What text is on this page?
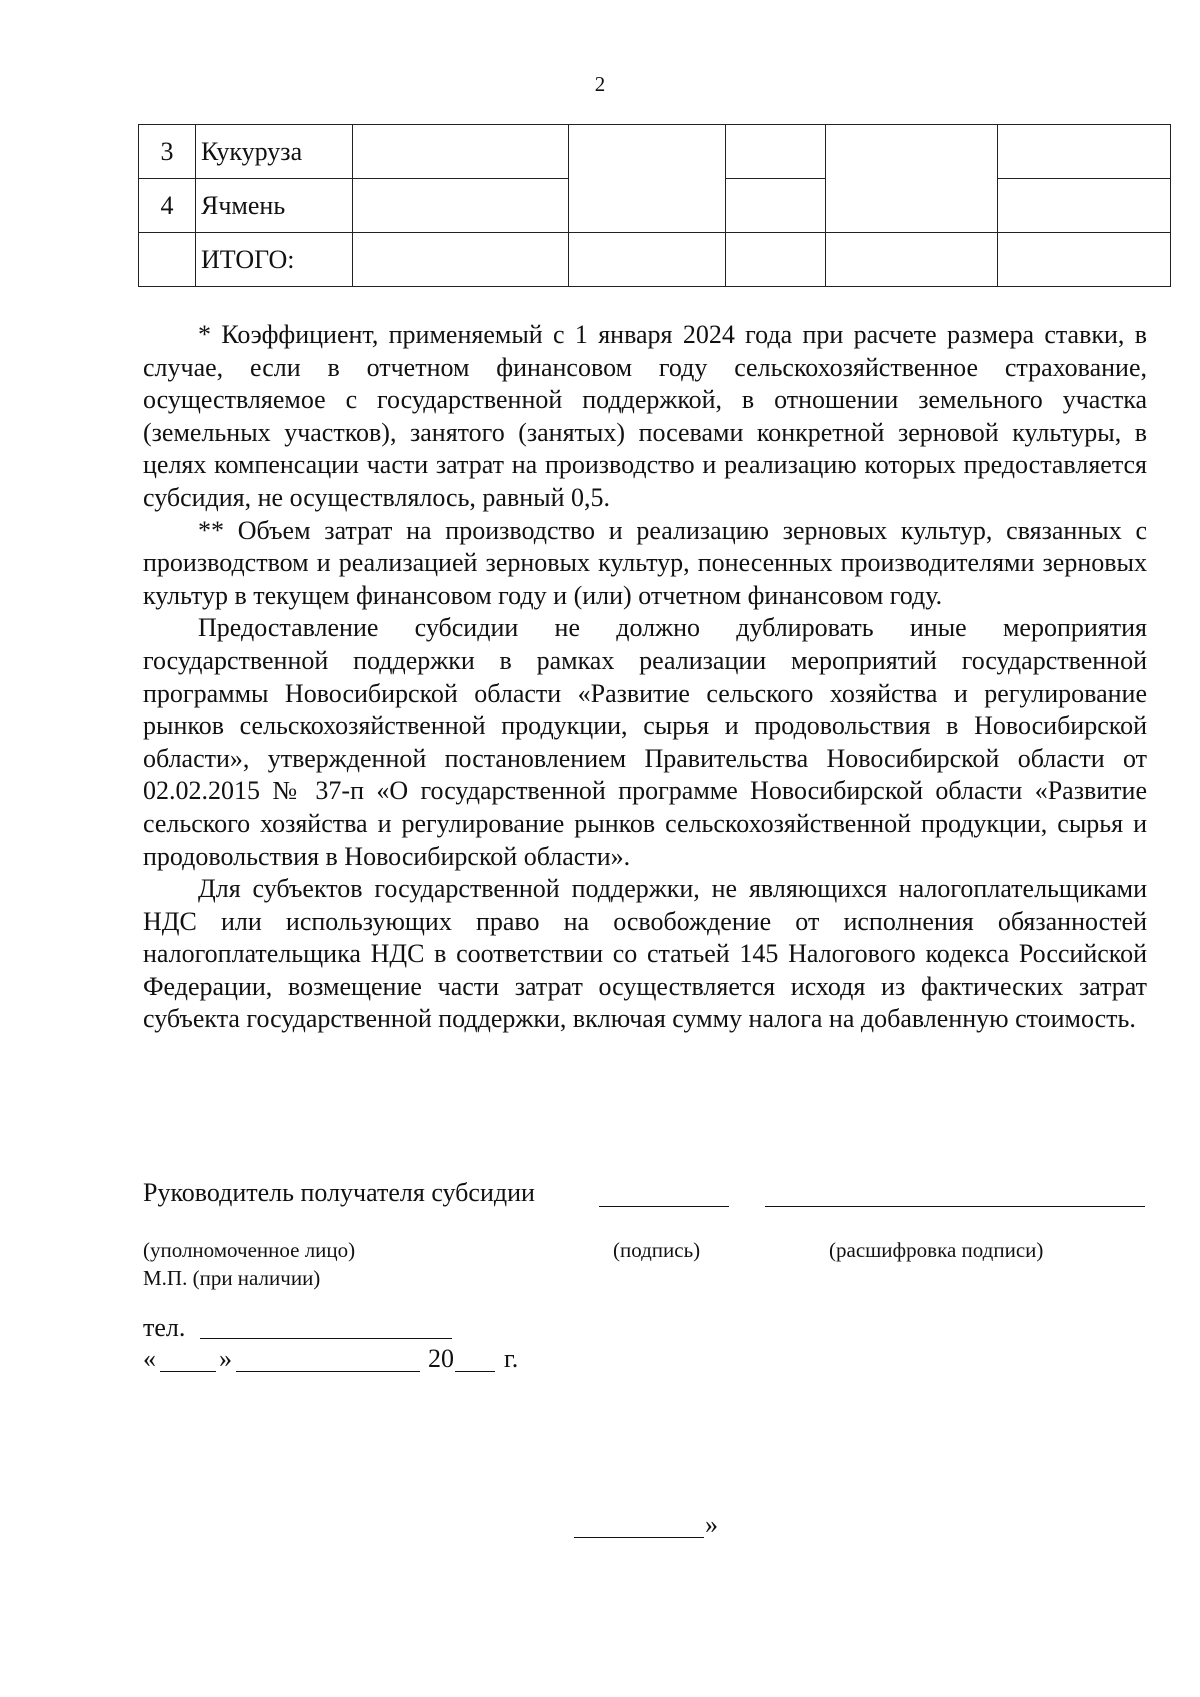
2
3	Кукуруза					
4	Ячмень					
	ИТОГО:					

* Коэффициент, применяемый с 1 января 2024 года при расчете размера ставки, в случае, если в отчетном финансовом году сельскохозяйственное страхование, осуществляемое с государственной поддержкой, в отношении земельного участка (земельных участков), занятого (занятых) посевами конкретной зерновой культуры, в целях компенсации части затрат на производство и реализацию которых предоставляется субсидия, не осуществлялось, равный 0,5.

** Объем затрат на производство и реализацию зерновых культур, связанных с производством и реализацией зерновых культур, понесенных производителями зерновых культур в текущем финансовом году и (или) отчетном финансовом году.

Предоставление субсидии не должно дублировать иные мероприятия государственной поддержки в рамках реализации мероприятий государственной программы Новосибирской области «Развитие сельского хозяйства и регулирование рынков сельскохозяйственной продукции, сырья и продовольствия в Новосибирской области», утвержденной постановлением Правительства Новосибирской области от 02.02.2015 № 37-п «О государственной программе Новосибирской области «Развитие сельского хозяйства и регулирование рынков сельскохозяйственной продукции, сырья и продовольствия в Новосибирской области».

Для субъектов государственной поддержки, не являющихся налогоплательщиками НДС или использующих право на освобождение от исполнения обязанностей налогоплательщика НДС в соответствии со статьей 145 Налогового кодекса Российской Федерации, возмещение части затрат осуществляется исходя из фактических затрат субъекта государственной поддержки, включая сумму налога на добавленную стоимость.

Руководитель получателя субсидии
(уполномоченное лицо)	(подпись)	(расшифровка подписи)
М.П. (при наличии)
тел.
« »	20 г.
»
